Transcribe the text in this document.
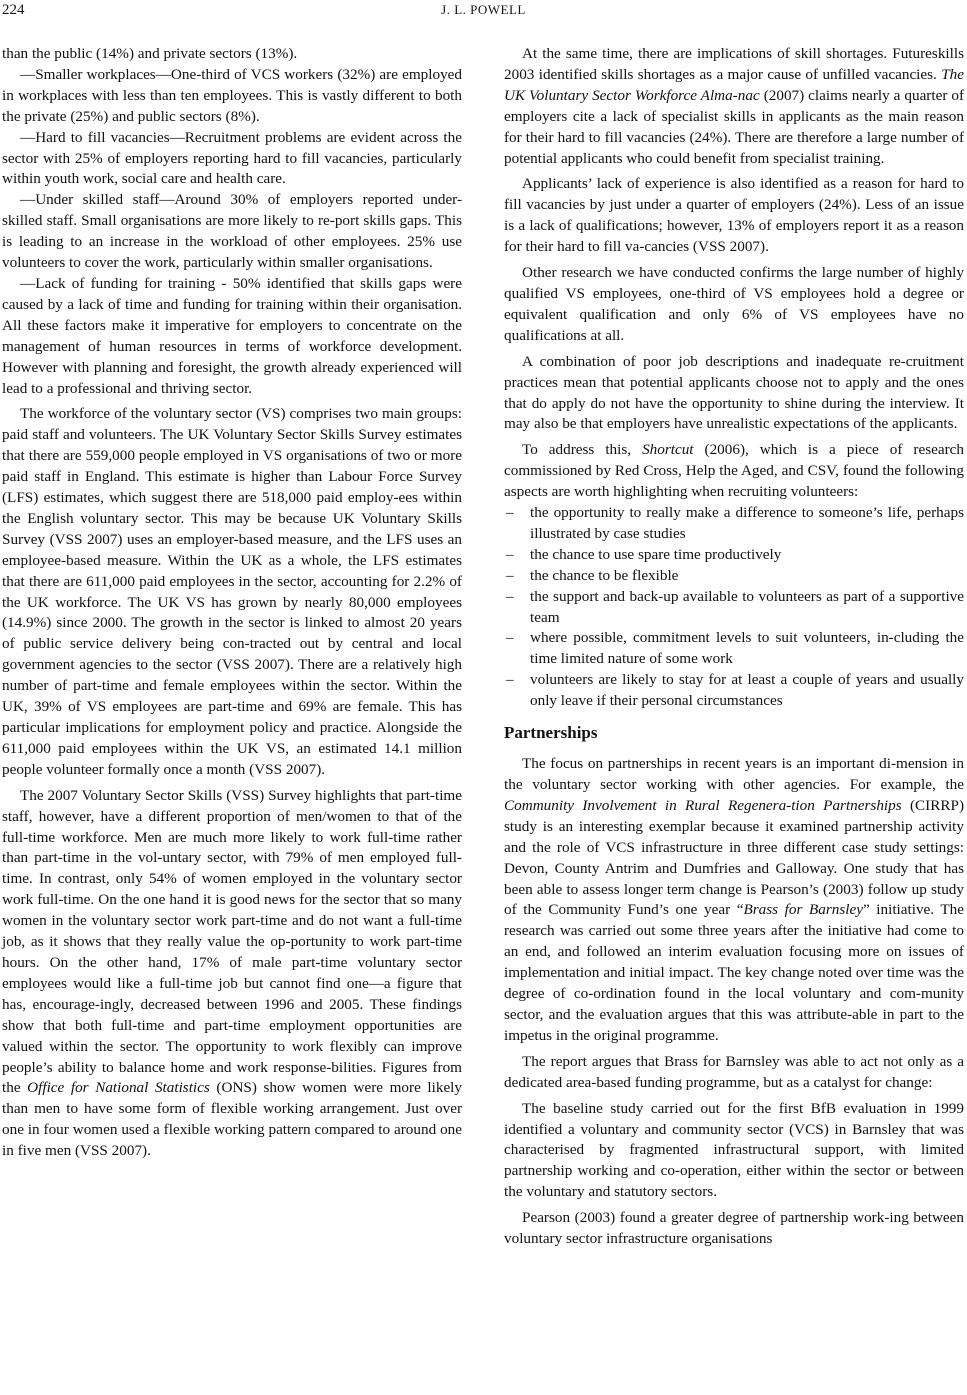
224	J. L. POWELL

than the public (14%) and private sectors (13%).

—Smaller workplaces—One-third of VCS workers (32%) are employed in workplaces with less than ten employees. This is vastly different to both the private (25%) and public sectors (8%).

—Hard to fill vacancies—Recruitment problems are evident across the sector with 25% of employers reporting hard to fill vacancies, particularly within youth work, social care and health care.

—Under skilled staff—Around 30% of employers reported under-skilled staff. Small organisations are more likely to re-port skills gaps. This is leading to an increase in the workload of other employees. 25% use volunteers to cover the work, particularly within smaller organisations.

—Lack of funding for training - 50% identified that skills gaps were caused by a lack of time and funding for training within their organisation. All these factors make it imperative for employers to concentrate on the management of human resources in terms of workforce development. However with planning and foresight, the growth already experienced will lead to a professional and thriving sector.

The workforce of the voluntary sector (VS) comprises two main groups: paid staff and volunteers. The UK Voluntary Sector Skills Survey estimates that there are 559,000 people employed in VS organisations of two or more paid staff in England. This estimate is higher than Labour Force Survey (LFS) estimates, which suggest there are 518,000 paid employ-ees within the English voluntary sector. This may be because UK Voluntary Skills Survey (VSS 2007) uses an employer-based measure, and the LFS uses an employee-based measure. Within the UK as a whole, the LFS estimates that there are 611,000 paid employees in the sector, accounting for 2.2% of the UK workforce. The UK VS has grown by nearly 80,000 employees (14.9%) since 2000. The growth in the sector is linked to almost 20 years of public service delivery being con-tracted out by central and local government agencies to the sector (VSS 2007). There are a relatively high number of part-time and female employees within the sector. Within the UK, 39% of VS employees are part-time and 69% are female. This has particular implications for employment policy and practice. Alongside the 611,000 paid employees within the UK VS, an estimated 14.1 million people volunteer formally once a month (VSS 2007).

The 2007 Voluntary Sector Skills (VSS) Survey highlights that part-time staff, however, have a different proportion of men/women to that of the full-time workforce. Men are much more likely to work full-time rather than part-time in the vol-untary sector, with 79% of men employed full-time. In contrast, only 54% of women employed in the voluntary sector work full-time. On the one hand it is good news for the sector that so many women in the voluntary sector work part-time and do not want a full-time job, as it shows that they really value the op-portunity to work part-time hours. On the other hand, 17% of male part-time voluntary sector employees would like a full-time job but cannot find one—a figure that has, encourage-ingly, decreased between 1996 and 2005. These findings show that both full-time and part-time employment opportunities are valued within the sector. The opportunity to work flexibly can improve people’s ability to balance home and work response-bilities. Figures from the Office for National Statistics (ONS) show women were more likely than men to have some form of flexible working arrangement. Just over one in four women used a flexible working pattern compared to around one in five men (VSS 2007).

At the same time, there are implications of skill shortages. Futureskills 2003 identified skills shortages as a major cause of unfilled vacancies. The UK Voluntary Sector Workforce Alma-nac (2007) claims nearly a quarter of employers cite a lack of specialist skills in applicants as the main reason for their hard to fill vacancies (24%). There are therefore a large number of potential applicants who could benefit from specialist training.

Applicants’ lack of experience is also identified as a reason for hard to fill vacancies by just under a quarter of employers (24%). Less of an issue is a lack of qualifications; however, 13% of employers report it as a reason for their hard to fill va-cancies (VSS 2007).

Other research we have conducted confirms the large number of highly qualified VS employees, one-third of VS employees hold a degree or equivalent qualification and only 6% of VS employees have no qualifications at all.

A combination of poor job descriptions and inadequate re-cruitment practices mean that potential applicants choose not to apply and the ones that do apply do not have the opportunity to shine during the interview. It may also be that employers have unrealistic expectations of the applicants.

To address this, Shortcut (2006), which is a piece of research commissioned by Red Cross, Help the Aged, and CSV, found the following aspects are worth highlighting when recruiting volunteers:

– the opportunity to really make a difference to someone’s life, perhaps illustrated by case studies
– the chance to use spare time productively
– the chance to be flexible
– the support and back-up available to volunteers as part of a supportive team
– where possible, commitment levels to suit volunteers, in-cluding the time limited nature of some work
– volunteers are likely to stay for at least a couple of years and usually only leave if their personal circumstances
Partnerships

The focus on partnerships in recent years is an important di-mension in the voluntary sector working with other agencies. For example, the Community Involvement in Rural Regenera-tion Partnerships (CIRRP) study is an interesting exemplar because it examined partnership activity and the role of VCS infrastructure in three different case study settings: Devon, County Antrim and Dumfries and Galloway. One study that has been able to assess longer term change is Pearson’s (2003) follow up study of the Community Fund’s one year “Brass for Barnsley” initiative. The research was carried out some three years after the initiative had come to an end, and followed an interim evaluation focusing more on issues of implementation and initial impact. The key change noted over time was the degree of co-ordination found in the local voluntary and com-munity sector, and the evaluation argues that this was attribute-able in part to the impetus in the original programme.

The report argues that Brass for Barnsley was able to act not only as a dedicated area-based funding programme, but as a catalyst for change:

The baseline study carried out for the first BfB evaluation in 1999 identified a voluntary and community sector (VCS) in Barnsley that was characterised by fragmented infrastructural support, with limited partnership working and co-operation, either within the sector or between the voluntary and statutory sectors.

Pearson (2003) found a greater degree of partnership work-ing between voluntary sector infrastructure organisations
